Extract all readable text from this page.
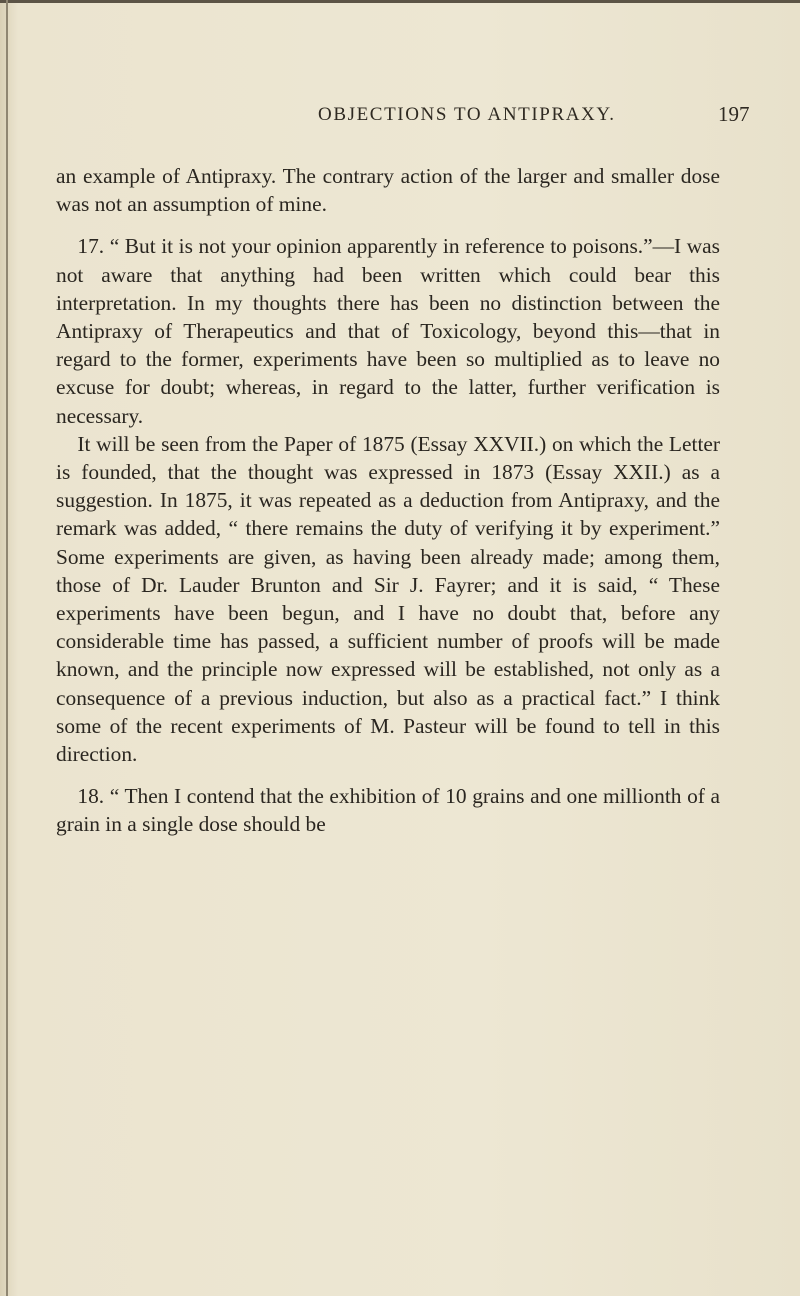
OBJECTIONS TO ANTIPRAXY.	197

an example of Antipraxy. The contrary action of the larger and smaller dose was not an assumption of mine.

17. “ But it is not your opinion apparently in reference to poisons.”—I was not aware that anything had been written which could bear this interpretation. In my thoughts there has been no distinction between the Antipraxy of Therapeutics and that of Toxicology, beyond this—that in regard to the former, experiments have been so multiplied as to leave no excuse for doubt; whereas, in regard to the latter, further verification is necessary.

It will be seen from the Paper of 1875 (Essay XXVII.) on which the Letter is founded, that the thought was expressed in 1873 (Essay XXII.) as a suggestion. In 1875, it was repeated as a deduction from Antipraxy, and the remark was added, “ there remains the duty of verifying it by experiment.” Some experiments are given, as having been already made; among them, those of Dr. Lauder Brunton and Sir J. Fayrer; and it is said, “ These experiments have been begun, and I have no doubt that, before any considerable time has passed, a sufficient number of proofs will be made known, and the principle now expressed will be established, not only as a consequence of a previous induction, but also as a practical fact.” I think some of the recent experiments of M. Pasteur will be found to tell in this direction.

18. “ Then I contend that the exhibition of 10 grains and one millionth of a grain in a single dose should be
